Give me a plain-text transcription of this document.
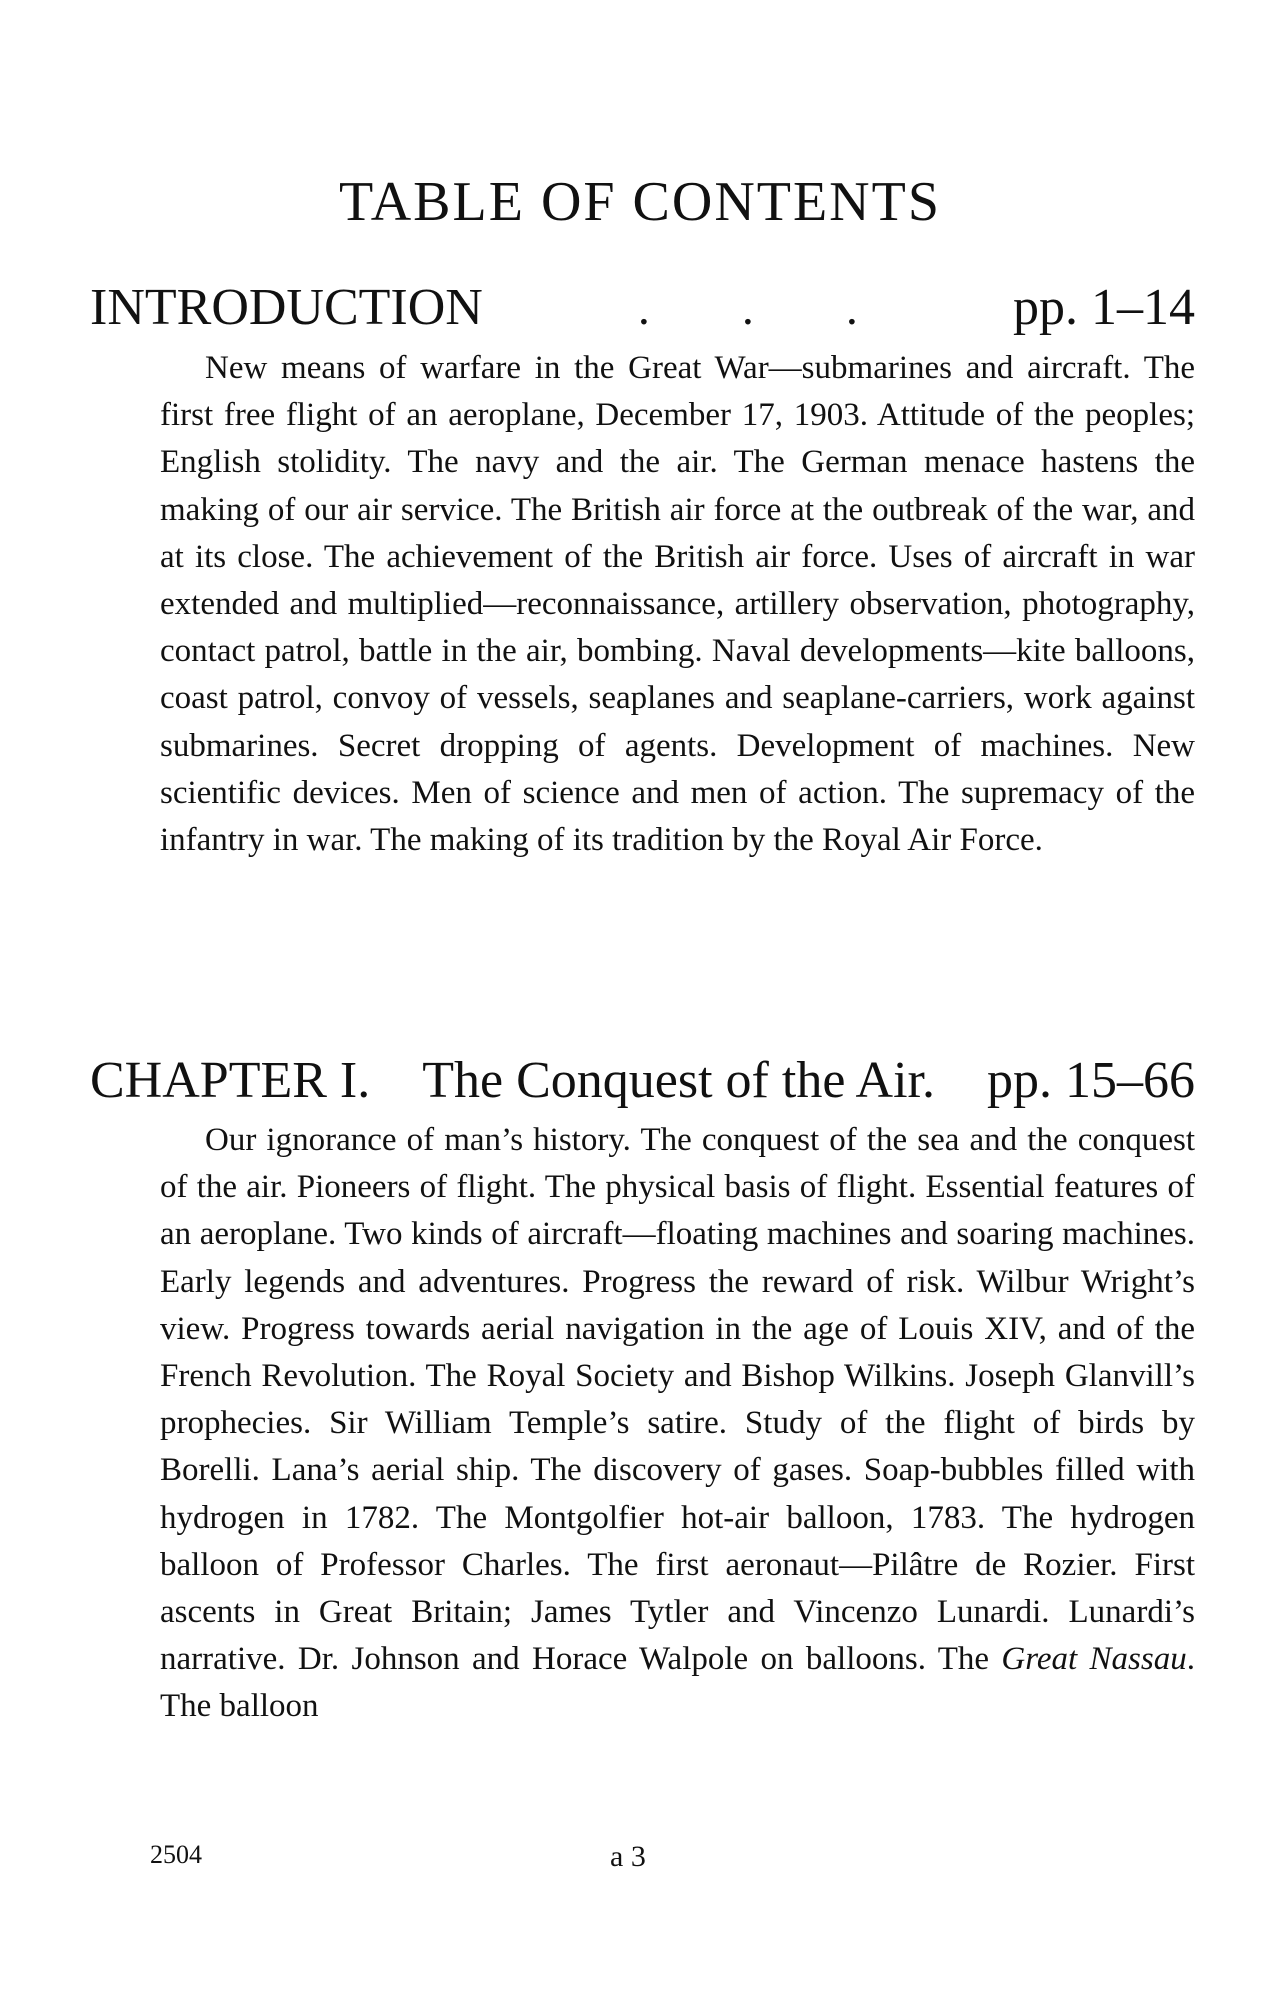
TABLE OF CONTENTS
INTRODUCTION	. . .	pp. 1–14

New means of warfare in the Great War—submarines and aircraft. The first free flight of an aeroplane, December 17, 1903. Attitude of the peoples; English stolidity. The navy and the air. The German menace hastens the making of our air service. The British air force at the outbreak of the war, and at its close. The achievement of the British air force. Uses of aircraft in war extended and multiplied—reconnaissance, artillery observation, photography, contact patrol, battle in the air, bombing. Naval developments—kite balloons, coast patrol, convoy of vessels, seaplanes and seaplane-carriers, work against submarines. Secret dropping of agents. Development of machines. New scientific devices. Men of science and men of action. The supremacy of the infantry in war. The making of its tradition by the Royal Air Force.

CHAPTER I.	The Conquest of the Air.	pp. 15–66

Our ignorance of man’s history. The conquest of the sea and the conquest of the air. Pioneers of flight. The physical basis of flight. Essential features of an aeroplane. Two kinds of aircraft—floating machines and soaring machines. Early legends and adventures. Progress the reward of risk. Wilbur Wright’s view. Progress towards aerial navigation in the age of Louis XIV, and of the French Revolution. The Royal Society and Bishop Wilkins. Joseph Glanvill’s prophecies. Sir William Temple’s satire. Study of the flight of birds by Borelli. Lana’s aerial ship. The discovery of gases. Soap-bubbles filled with hydrogen in 1782. The Montgolfier hot-air balloon, 1783. The hydrogen balloon of Professor Charles. The first aeronaut—Pilâtre de Rozier. First ascents in Great Britain; James Tytler and Vincenzo Lunardi. Lunardi’s narrative. Dr. Johnson and Horace Walpole on balloons. The Great Nassau. The balloon

2504	a 3
